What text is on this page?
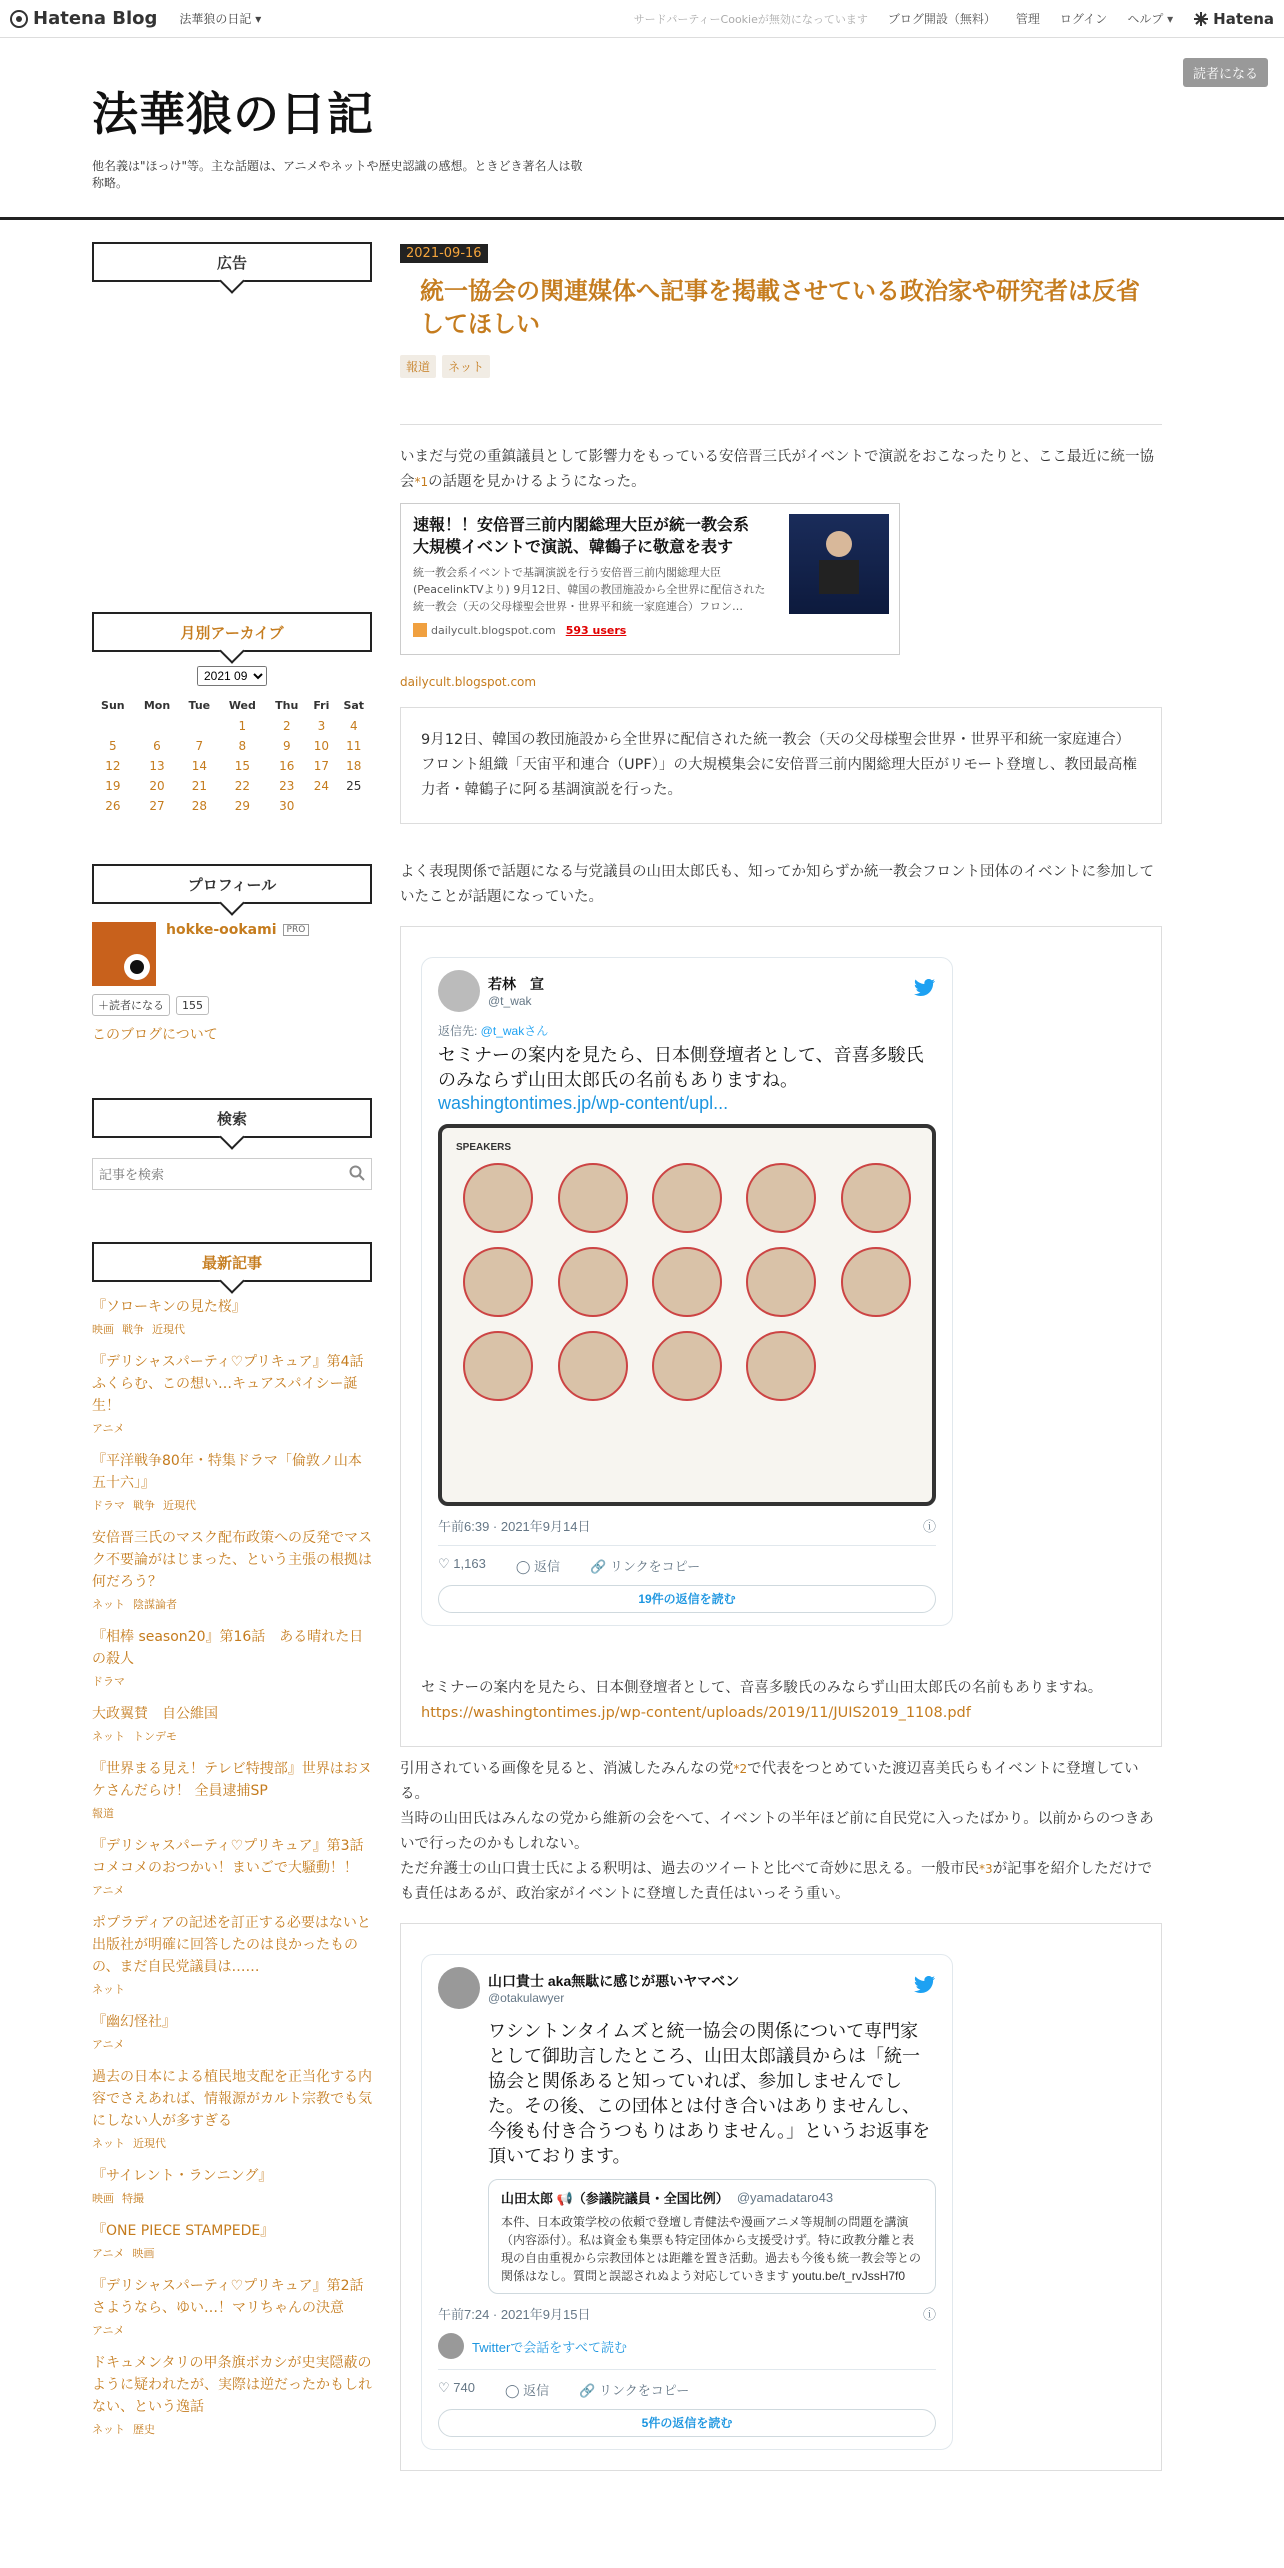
Hatena Blog 法華狼の日記 ▾	サードパーティーCookieが無効になっています ブログ開設（無料） 管理 ログイン ヘルプ ▾	Hatena
法華狼の日記
他名義は"ほっけ"等。主な話題は、アニメやネットや歴史認識の感想。ときどき著名人は敬称略。
読者になる
広告
月別アーカイブ
2021 09
Sun	Mon	Tue	Wed	Thu	Fri	Sat
			1	2	3	4
5	6	7	8	9	10	11
12	13	14	15	16	17	18
19	20	21	22	23	24	25
26	27	28	29	30		
プロフィール
hokke-ookami	PRO
＋読者になる	155
このブログについて
検索
記事を検索
最新記事
『ソローキンの見た桜』
映画 戦争 近現代
『デリシャスパーティ♡プリキュア』第4話　ふくらむ、この想い…キュアスパイシー誕生！
アニメ
『平洋戦争80年・特集ドラマ「倫敦ノ山本五十六」』
ドラマ 戦争 近現代
安倍晋三氏のマスク配布政策への反発でマスク不要論がはじまった、という主張の根拠は何だろう？
ネット 陰謀論者
『相棒 season20』第16話　ある晴れた日の殺人
ドラマ
大政翼賛　自公維国
ネット トンデモ
『世界まる見え！テレビ特捜部』世界はおヌケさんだらけ！ 全員逮捕SP
報道
『デリシャスパーティ♡プリキュア』第3話　コメコメのおつかい！まいごで大騒動！！
アニメ
ポプラディアの記述を訂正する必要はないと出版社が明確に回答したのは良かったものの、まだ自民党議員は……
ネット
『幽幻怪社』
アニメ
過去の日本による植民地支配を正当化する内容でさえあれば、情報源がカルト宗教でも気にしない人が多すぎる
ネット 近現代
『サイレント・ランニング』
映画 特撮
『ONE PIECE STAMPEDE』
アニメ 映画
『デリシャスパーティ♡プリキュア』第2話　さようなら、ゆい…！マリちゃんの決意
アニメ
ドキュメンタリの甲条旗ボカシが史実隠蔽のように疑われたが、実際は逆だったかもしれない、という逸話
ネット 歴史
2021-09-16
統一協会の関連媒体へ記事を掲載させている政治家や研究者は反省してほしい
報道	ネット

いまだ与党の重鎮議員として影響力をもっている安倍晋三氏がイベントで演説をおこなったりと、ここ最近に統一協会*1の話題を見かけるようになった。

速報！！安倍晋三前内閣総理大臣が統一教会系大規模イベントで演説、韓鶴子に敬意を表す
統一教会系イベントで基調演説を行う安倍晋三前内閣総理大臣 (PeacelinkTVより) 9月12日、韓国の教団施設から全世界に配信された統一教会（天の父母様聖会世界・世界平和統一家庭連合）フロン…
dailycult.blogspot.com 593 users
dailycult.blogspot.com
9月12日、韓国の教団施設から全世界に配信された統一教会（天の父母様聖会世界・世界平和統一家庭連合）フロント組織「天宙平和連合（UPF）」の大規模集会に安倍晋三前内閣総理大臣がリモート登壇し、教団最高権力者・韓鶴子に阿る基調演説を行った。

よく表現関係で話題になる与党議員の山田太郎氏も、知ってか知らずか統一教会フロント団体のイベントに参加していたことが話題になっていた。

若林　宣
@t_wak
返信先: @t_wakさん
セミナーの案内を見たら、日本側登壇者として、音喜多駿氏のみならず山田太郎氏の名前もありますね。
washingtontimes.jp/wp-content/upl...
SPEAKERS
午前6:39 · 2021年9月14日	ⓘ
♡ 1,163 ◯ 返信 🔗 リンクをコピー
19件の返信を読む

セミナーの案内を見たら、日本側登壇者として、音喜多駿氏のみならず山田太郎氏の名前もありますね。

https://washingtontimes.jp/wp-content/uploads/2019/11/JUIS2019_1108.pdf

引用されている画像を見ると、消滅したみんなの党*2で代表をつとめていた渡辺喜美氏らもイベントに登壇している。

当時の山田氏はみんなの党から維新の会をへて、イベントの半年ほど前に自民党に入ったばかり。以前からのつきあいで行ったのかもしれない。

ただ弁護士の山口貴士氏による釈明は、過去のツイートと比べて奇妙に思える。一般市民*3が記事を紹介しただけでも責任はあるが、政治家がイベントに登壇した責任はいっそう重い。

山口貴士 aka無駄に感じが悪いヤマベン
@otakulawyer
ワシントンタイムズと統一協会の関係について専門家として御助言したところ、山田太郎議員からは「統一協会と関係あると知っていれば、参加しませんでした。その後、この団体とは付き合いはありませんし、今後も付き合うつもりはありません。」というお返事を頂いております。
山田太郎 📢（参議院議員・全国比例） @yamadatarо43
本件、日本政策学校の依頼で登壇し青健法や漫画アニメ等規制の問題を講演（内容添付）。私は資金も集票も特定団体から支援受けず。特に政教分離と表現の自由重視から宗教団体とは距離を置き活動。過去も今後も統一教会等との関係はなし。質問と誤認されぬよう対応していきます youtu.be/t_rvJssH7f0
午前7:24 · 2021年9月15日	ⓘ
Twitterで会話をすべて読む
♡ 740 ◯ 返信 🔗 リンクをコピー
5件の返信を読む
